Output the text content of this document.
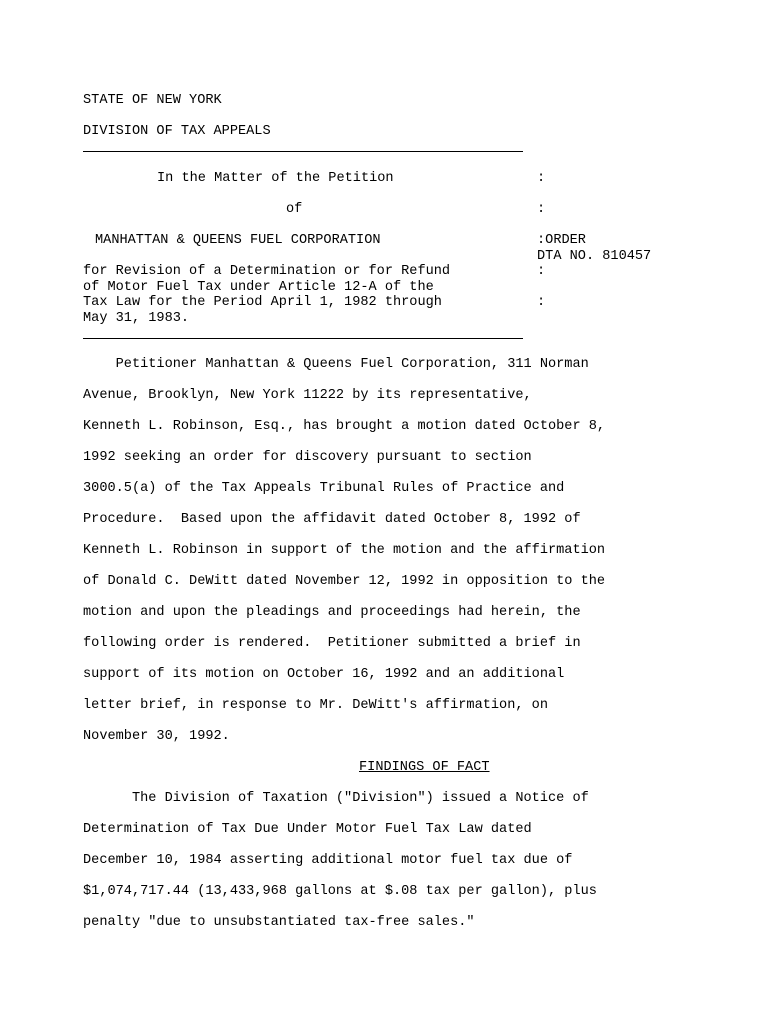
STATE OF NEW YORK
DIVISION OF TAX APPEALS
In the Matter of the Petition
of
MANHATTAN & QUEENS FUEL CORPORATION
for Revision of a Determination or for Refund
of Motor Fuel Tax under Article 12-A of the
Tax Law for the Period April 1, 1982 through
May 31, 1983.
:
:
:ORDER
DTA NO. 810457
:
:
Petitioner Manhattan & Queens Fuel Corporation, 311 Norman
Avenue, Brooklyn, New York 11222 by its representative,
Kenneth L. Robinson, Esq., has brought a motion dated October 8,
1992 seeking an order for discovery pursuant to section
3000.5(a) of the Tax Appeals Tribunal Rules of Practice and
Procedure.  Based upon the affidavit dated October 8, 1992 of
Kenneth L. Robinson in support of the motion and the affirmation
of Donald C. DeWitt dated November 12, 1992 in opposition to the
motion and upon the pleadings and proceedings had herein, the
following order is rendered.  Petitioner submitted a brief in
support of its motion on October 16, 1992 and an additional
letter brief, in response to Mr. DeWitt's affirmation, on
November 30, 1992.
FINDINGS OF FACT
The Division of Taxation ("Division") issued a Notice of
Determination of Tax Due Under Motor Fuel Tax Law dated
December 10, 1984 asserting additional motor fuel tax due of
$1,074,717.44 (13,433,968 gallons at $.08 tax per gallon), plus
penalty "due to unsubstantiated tax-free sales."
